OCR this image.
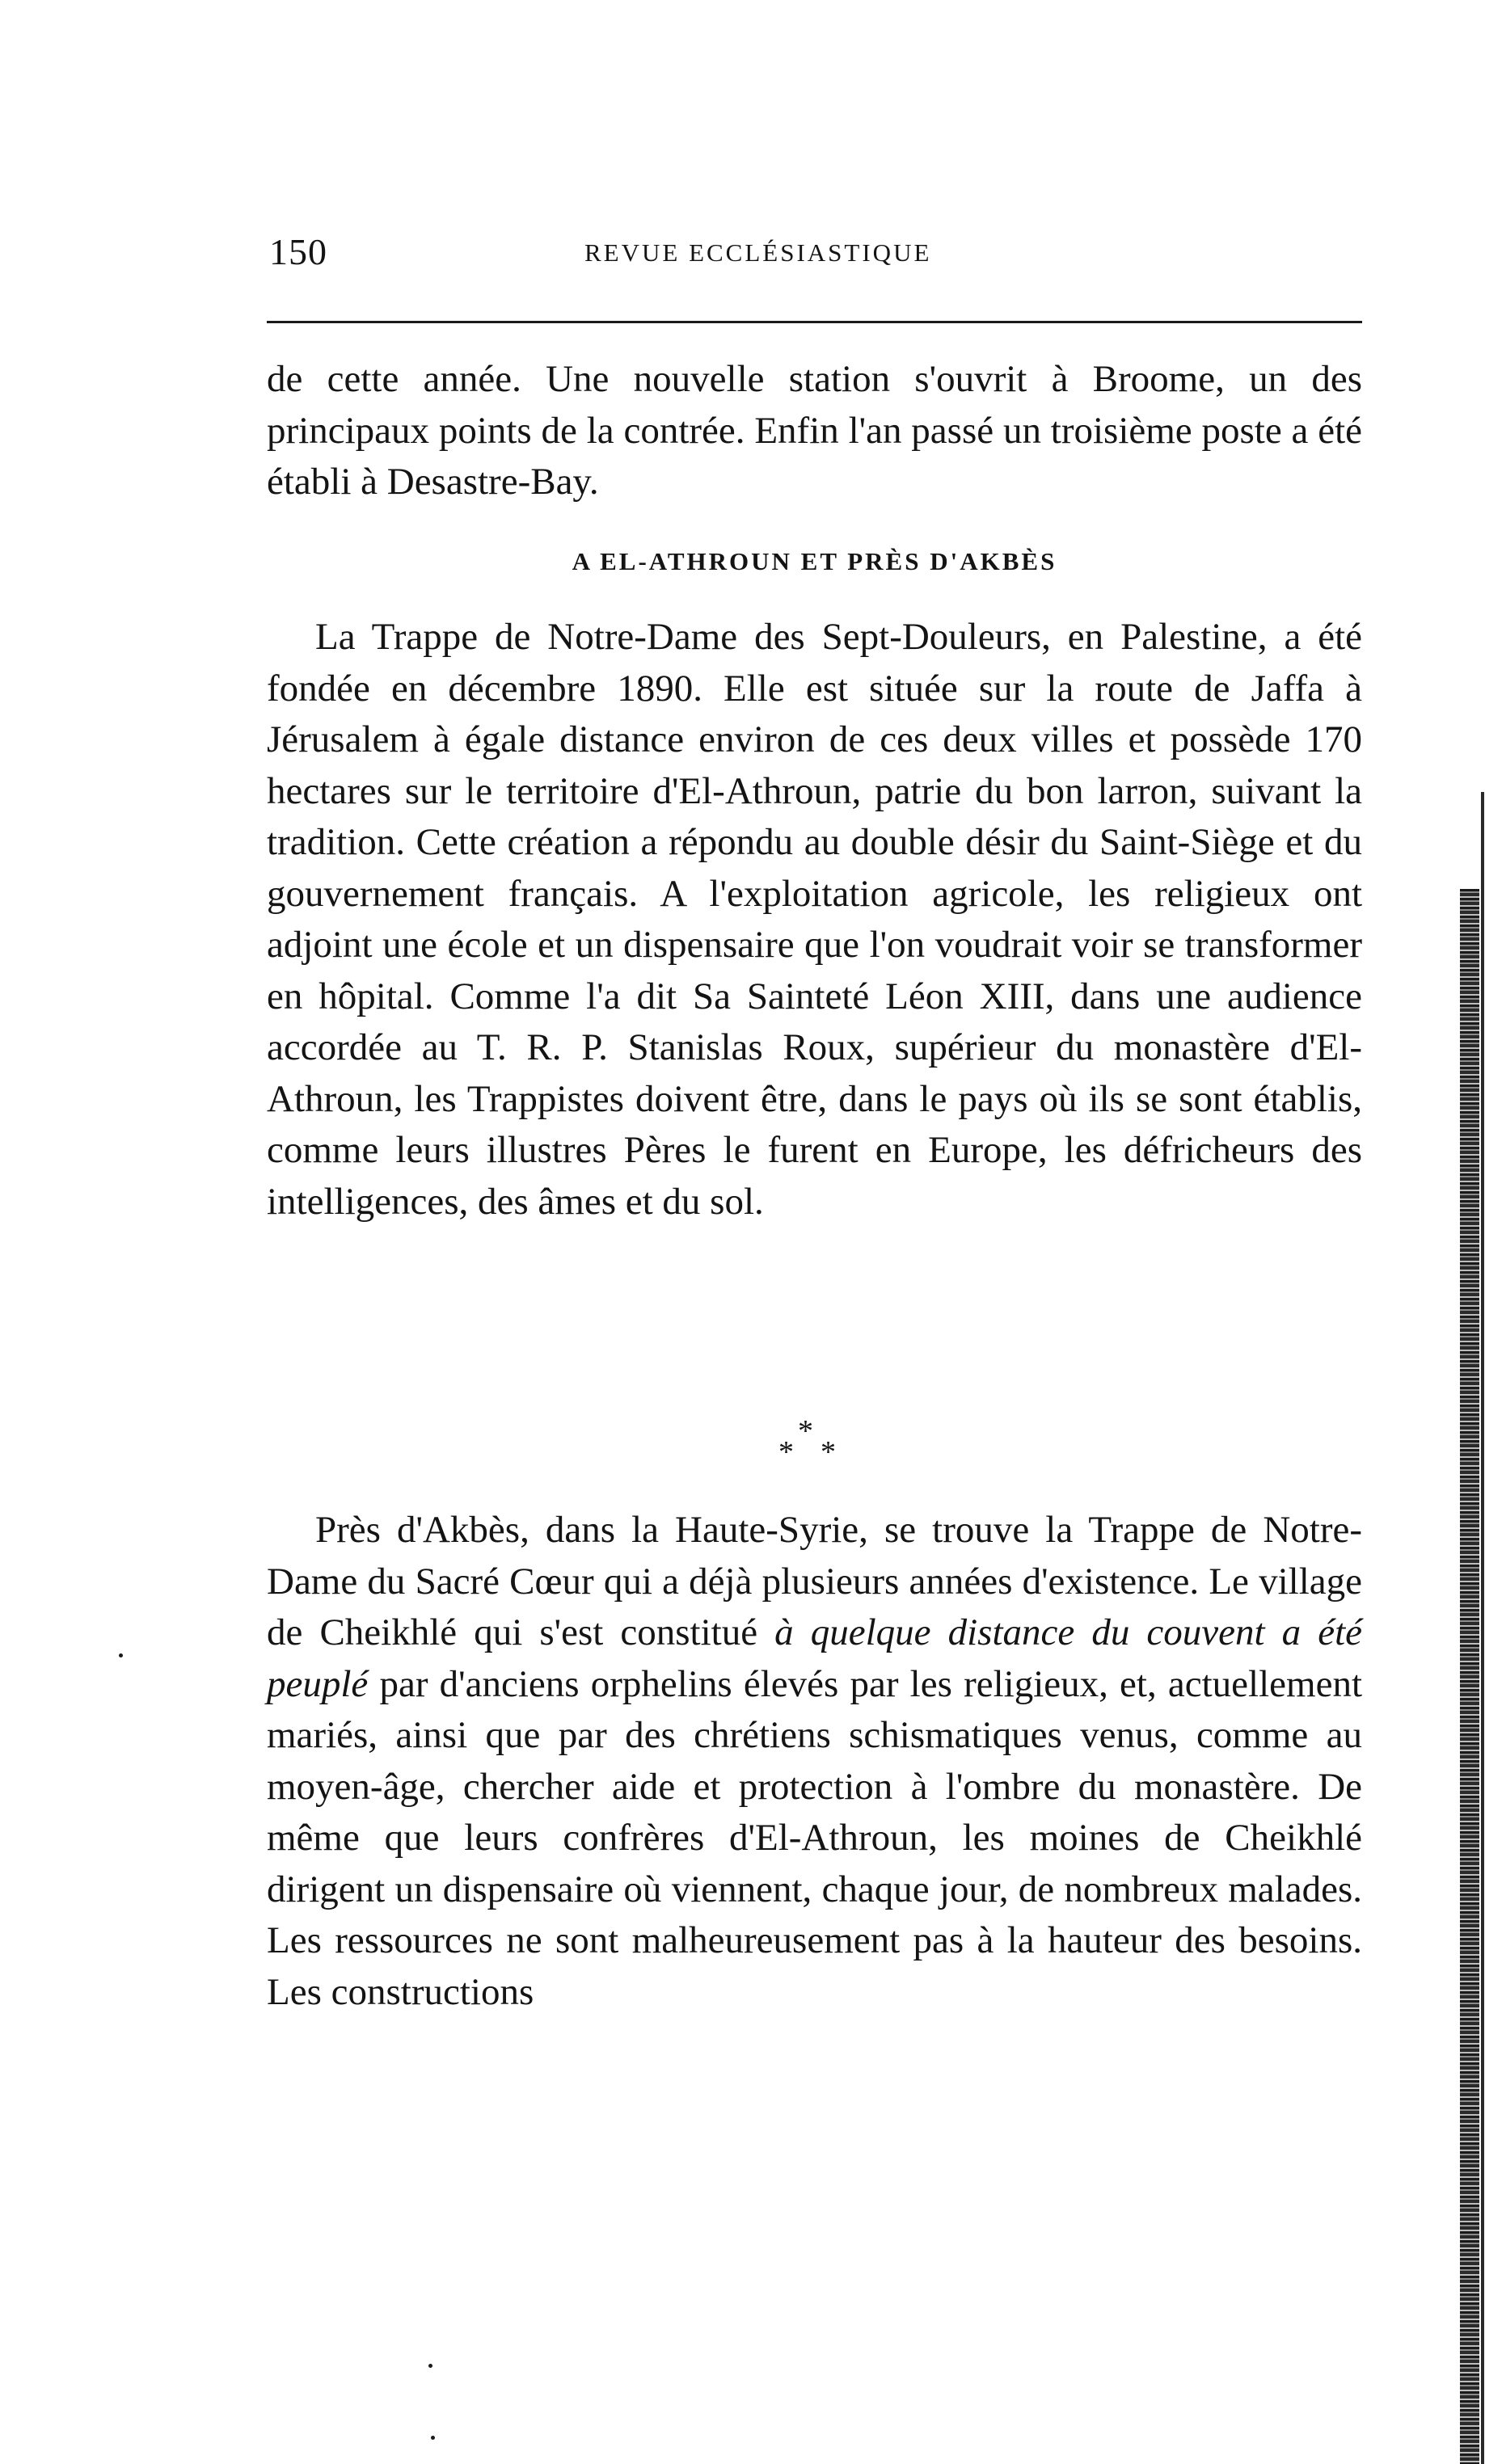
150	REVUE ECCLÉSIASTIQUE

de cette année. Une nouvelle station s'ouvrit à Broome, un des principaux points de la contrée. Enfin l'an passé un troisième poste a été établi à Desastre-Bay.

A EL-ATHROUN ET PRÈS D'AKBÈS

La Trappe de Notre-Dame des Sept-Douleurs, en Palestine, a été fondée en décembre 1890. Elle est située sur la route de Jaffa à Jérusalem à égale distance environ de ces deux villes et possède 170 hectares sur le territoire d'El-Athroun, patrie du bon larron, suivant la tradition. Cette création a répondu au double désir du Saint-Siège et du gouvernement français. A l'exploitation agricole, les religieux ont adjoint une école et un dispensaire que l'on voudrait voir se transformer en hôpital. Comme l'a dit Sa Sainteté Léon XIII, dans une audience accordée au T. R. P. Stanislas Roux, supérieur du monastère d'El-Athroun, les Trappistes doivent être, dans le pays où ils se sont établis, comme leurs illustres Pères le furent en Europe, les défricheurs des intelligences, des âmes et du sol.

*
* *

Près d'Akbès, dans la Haute-Syrie, se trouve la Trappe de Notre-Dame du Sacré Cœur qui a déjà plusieurs années d'existence. Le village de Cheikhlé qui s'est constitué à quelque distance du couvent a été peuplé par d'anciens orphelins élevés par les religieux, et, actuellement mariés, ainsi que par des chrétiens schismatiques venus, comme au moyen-âge, chercher aide et protection à l'ombre du monastère. De même que leurs confrères d'El-Athroun, les moines de Cheikhlé dirigent un dispensaire où viennent, chaque jour, de nombreux malades. Les ressources ne sont malheureusement pas à la hauteur des besoins. Les constructions
